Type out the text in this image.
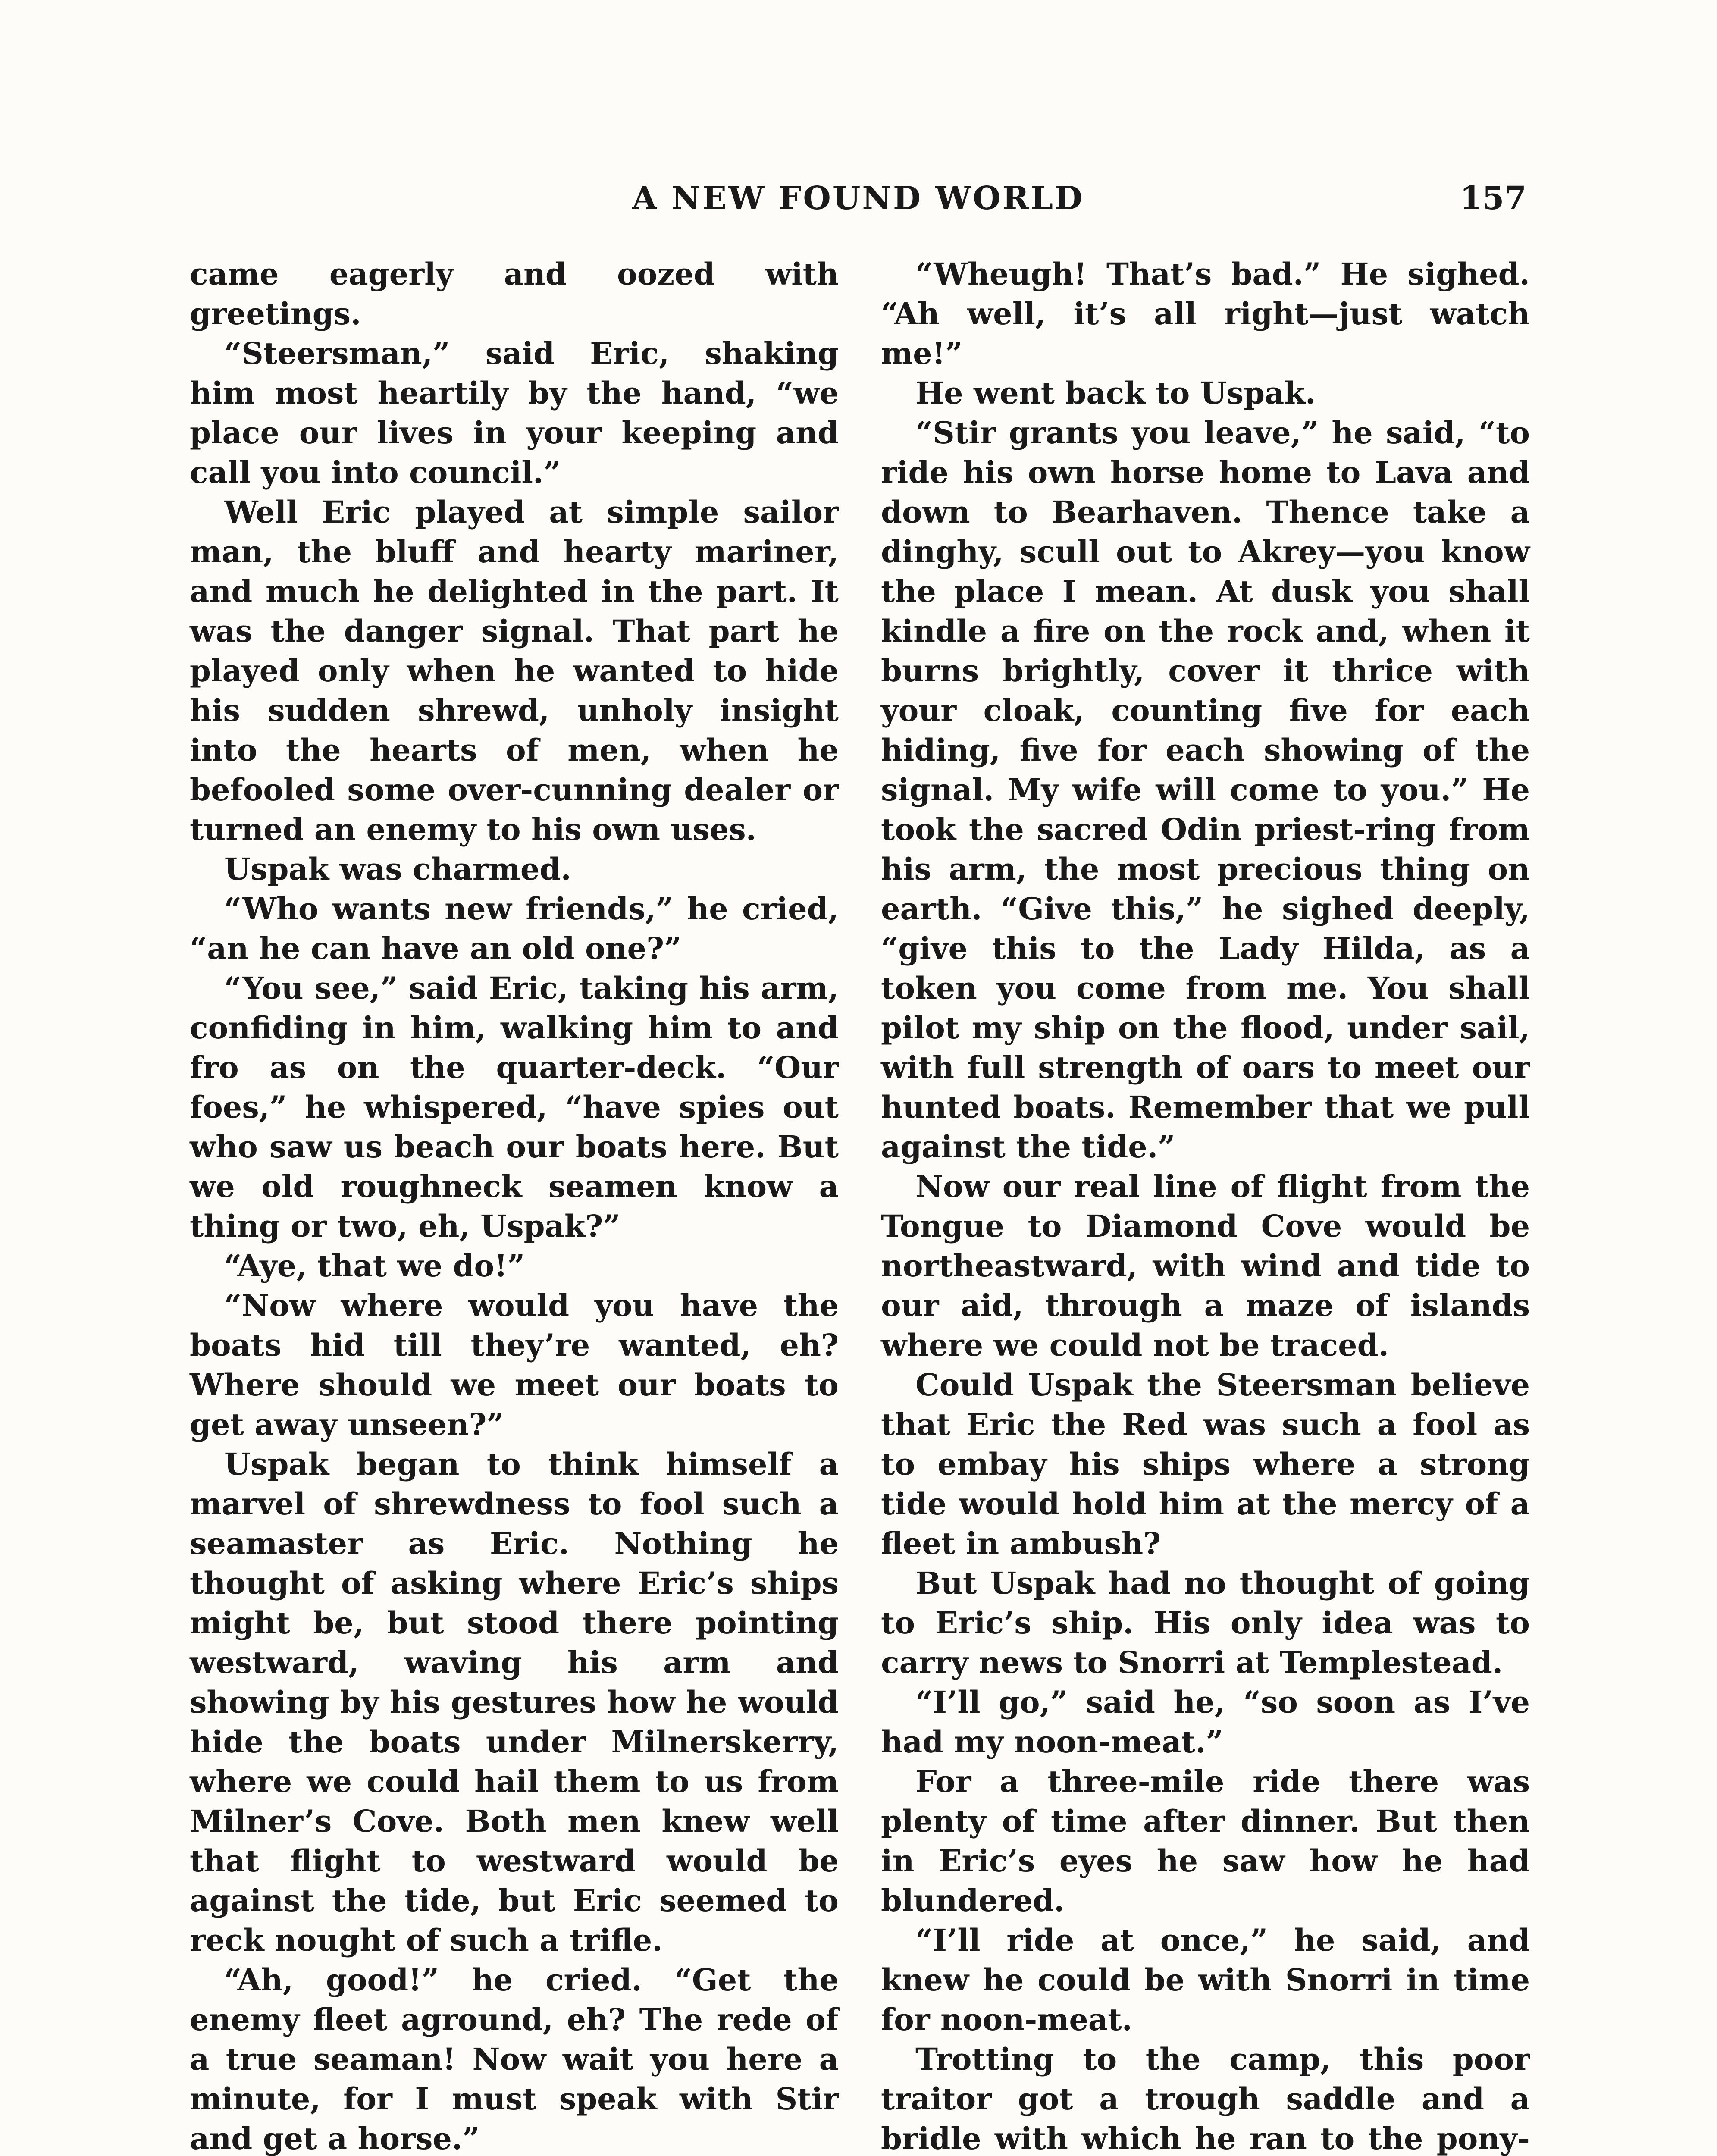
A NEW FOUND WORLD	157

came eagerly and oozed with greetings.

“Steersman,” said Eric, shaking him most heartily by the hand, “we place our lives in your keeping and call you into council.”

Well Eric played at simple sailor man, the bluff and hearty mariner, and much he delighted in the part. It was the danger signal. That part he played only when he wanted to hide his sudden shrewd, unholy insight into the hearts of men, when he befooled some over-cunning dealer or turned an enemy to his own uses.

Uspak was charmed.

“Who wants new friends,” he cried, “an he can have an old one?”

“You see,” said Eric, taking his arm, confiding in him, walking him to and fro as on the quarter-deck. “Our foes,” he whispered, “have spies out who saw us beach our boats here. But we old roughneck seamen know a thing or two, eh, Uspak?”

“Aye, that we do!”

“Now where would you have the boats hid till they’re wanted, eh? Where should we meet our boats to get away unseen?”

Uspak began to think himself a marvel of shrewdness to fool such a seamaster as Eric. Nothing he thought of asking where Eric’s ships might be, but stood there pointing westward, waving his arm and showing by his gestures how he would hide the boats under Milnerskerry, where we could hail them to us from Milner’s Cove. Both men knew well that flight to westward would be against the tide, but Eric seemed to reck nought of such a trifle.

“Ah, good!” he cried. “Get the enemy fleet aground, eh? The rede of a true seaman! Now wait you here a minute, for I must speak with Stir and get a horse.”

“Wheugh! That’s bad.” He sighed. “Ah well, it’s all right—just watch me!”

He went back to Uspak.

“Stir grants you leave,” he said, “to ride his own horse home to Lava and down to Bearhaven. Thence take a dinghy, scull out to Akrey—you know the place I mean. At dusk you shall kindle a fire on the rock and, when it burns brightly, cover it thrice with your cloak, counting five for each hiding, five for each showing of the signal. My wife will come to you.” He took the sacred Odin priest-ring from his arm, the most precious thing on earth. “Give this,” he sighed deeply, “give this to the Lady Hilda, as a token you come from me. You shall pilot my ship on the flood, under sail, with full strength of oars to meet our hunted boats. Remember that we pull against the tide.”

Now our real line of flight from the Tongue to Diamond Cove would be northeastward, with wind and tide to our aid, through a maze of islands where we could not be traced.

Could Uspak the Steersman believe that Eric the Red was such a fool as to embay his ships where a strong tide would hold him at the mercy of a fleet in ambush?

But Uspak had no thought of going to Eric’s ship. His only idea was to carry news to Snorri at Templestead.

“I’ll go,” said he, “so soon as I’ve had my noon-meat.”

For a three-mile ride there was plenty of time after dinner. But then in Eric’s eyes he saw how he had blundered.

“I’ll ride at once,” he said, and knew he could be with Snorri in time for noon-meat.

Trotting to the camp, this poor traitor got a trough saddle and a bridle with which he ran to the pony-
